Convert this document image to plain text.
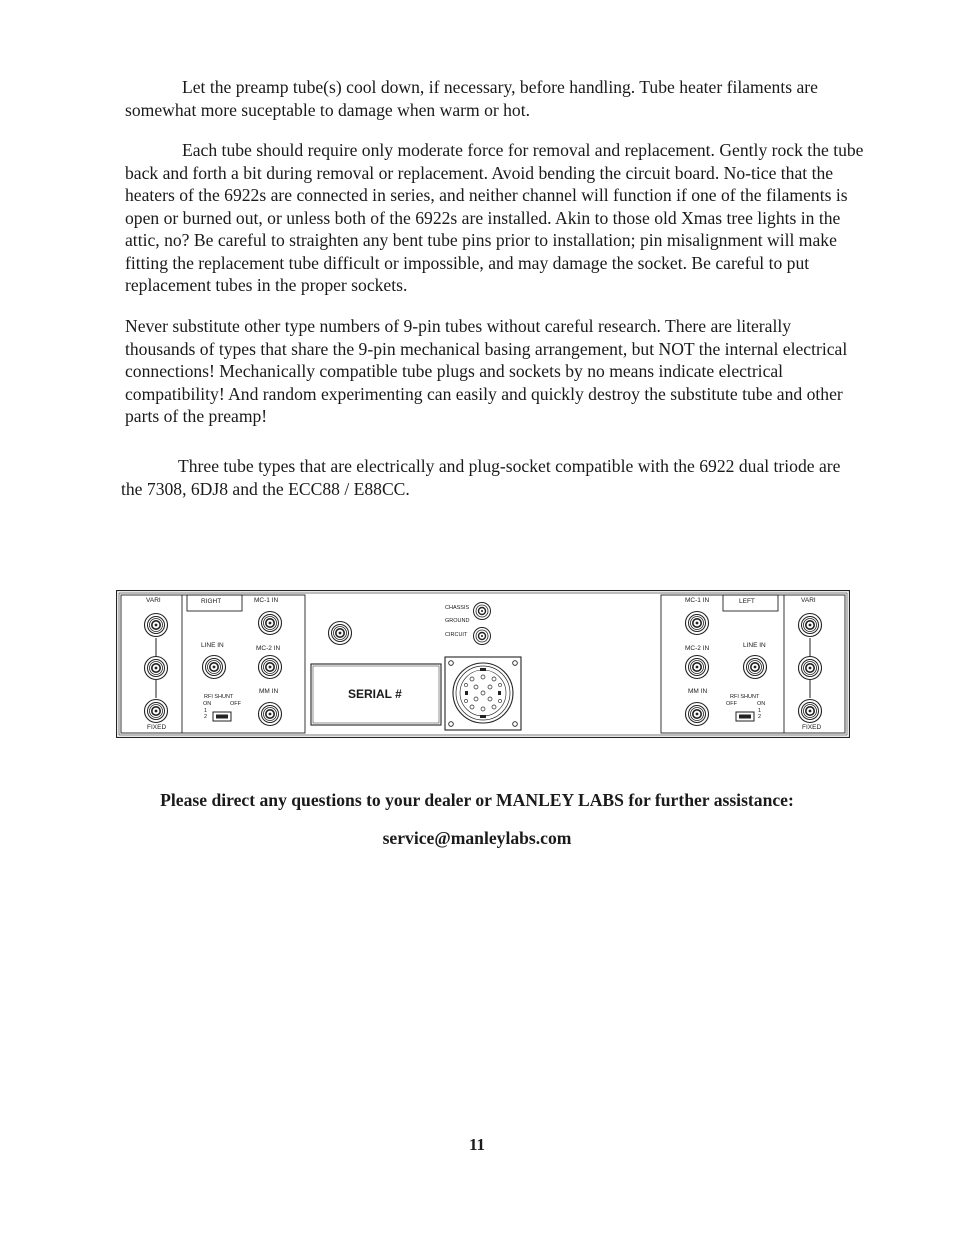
Let the preamp tube(s) cool down, if necessary, before handling. Tube heater filaments are somewhat more suceptable to damage when warm or hot.

Each tube should require only moderate force for removal and replacement. Gently rock the tube back and forth a bit during removal or replacement. Avoid bending the circuit board. No-tice that the heaters of the 6922s are connected in series, and neither channel will function if one of the filaments is open or burned out, or unless both of the 6922s are installed. Akin to those old Xmas tree lights in the attic, no? Be careful to straighten any bent tube pins prior to installation; pin misalignment will make fitting the replacement tube difficult or impossible, and may damage the socket. Be careful to put replacement tubes in the proper sockets.

Never substitute other type numbers of 9-pin tubes without careful research. There are literally thousands of types that share the 9-pin mechanical basing arrangement, but NOT the internal electrical connections! Mechanically compatible tube plugs and sockets by no means indicate electrical compatibility! And random experimenting can easily and quickly destroy the substitute tube and other parts of the preamp!

Three tube types that are electrically and plug-socket compatible with the 6922 dual triode are the 7308, 6DJ8 and the ECC88 / E88CC.

VARI
FIXED
RIGHT	MC-1 IN
LINE IN	MC-2 IN
MM IN
RFI SHUNT
ON	OFF
1
2
CHASSIS
GROUND
CIRCUIT
SERIAL #
MC-1 IN	LEFT	VARI
MC-2 IN	LINE IN
MM IN
RFI SHUNT
OFF	ON
1
2
FIXED
Please direct any questions to your dealer or MANLEY LABS for further assistance:
service@manleylabs.com
11
